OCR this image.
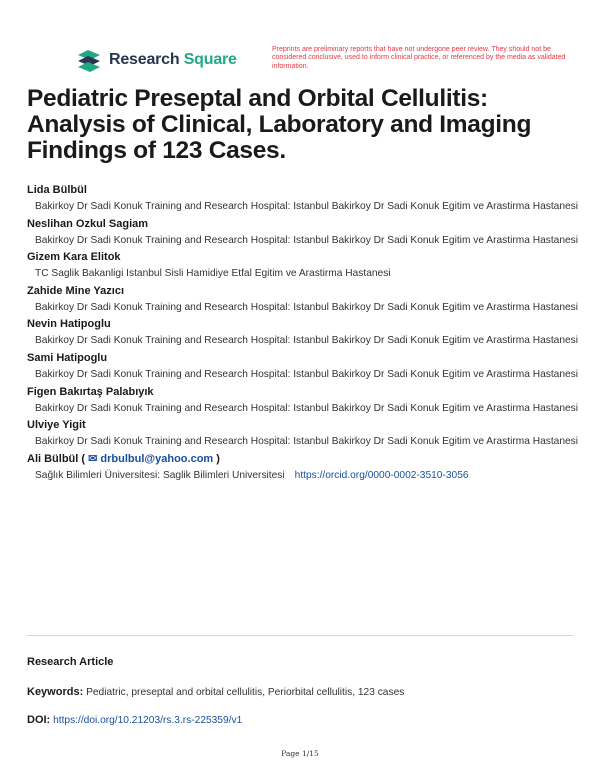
Research Square
Preprints are preliminary reports that have not undergone peer review. They should not be considered conclusive, used to inform clinical practice, or referenced by the media as validated information.
Pediatric Preseptal and Orbital Cellulitis: Analysis of Clinical, Laboratory and Imaging Findings of 123 Cases.
Lida Bülbül
Bakirkoy Dr Sadi Konuk Training and Research Hospital: Istanbul Bakirkoy Dr Sadi Konuk Egitim ve Arastirma Hastanesi
Neslihan Ozkul Sagiam
Bakirkoy Dr Sadi Konuk Training and Research Hospital: Istanbul Bakirkoy Dr Sadi Konuk Egitim ve Arastirma Hastanesi
Gizem Kara Elitok
TC Saglik Bakanligi Istanbul Sisli Hamidiye Etfal Egitim ve Arastirma Hastanesi
Zahide Mine Yazıcı
Bakirkoy Dr Sadi Konuk Training and Research Hospital: Istanbul Bakirkoy Dr Sadi Konuk Egitim ve Arastirma Hastanesi
Nevin Hatipoglu
Bakirkoy Dr Sadi Konuk Training and Research Hospital: Istanbul Bakirkoy Dr Sadi Konuk Egitim ve Arastirma Hastanesi
Sami Hatipoglu
Bakirkoy Dr Sadi Konuk Training and Research Hospital: Istanbul Bakirkoy Dr Sadi Konuk Egitim ve Arastirma Hastanesi
Figen Bakırtaş Palabıyık
Bakirkoy Dr Sadi Konuk Training and Research Hospital: Istanbul Bakirkoy Dr Sadi Konuk Egitim ve Arastirma Hastanesi
Ulviye Yigit
Bakirkoy Dr Sadi Konuk Training and Research Hospital: Istanbul Bakirkoy Dr Sadi Konuk Egitim ve Arastirma Hastanesi
Ali Bülbül ( ✉ drbulbul@yahoo.com )
Sağlık Bilimleri Üniversitesi: Saglik Bilimleri Universitesi https://orcid.org/0000-0002-3510-3056
Research Article
Keywords: Pediatric, preseptal and orbital cellulitis, Periorbital cellulitis, 123 cases
DOI: https://doi.org/10.21203/rs.3.rs-225359/v1
Page 1/15
